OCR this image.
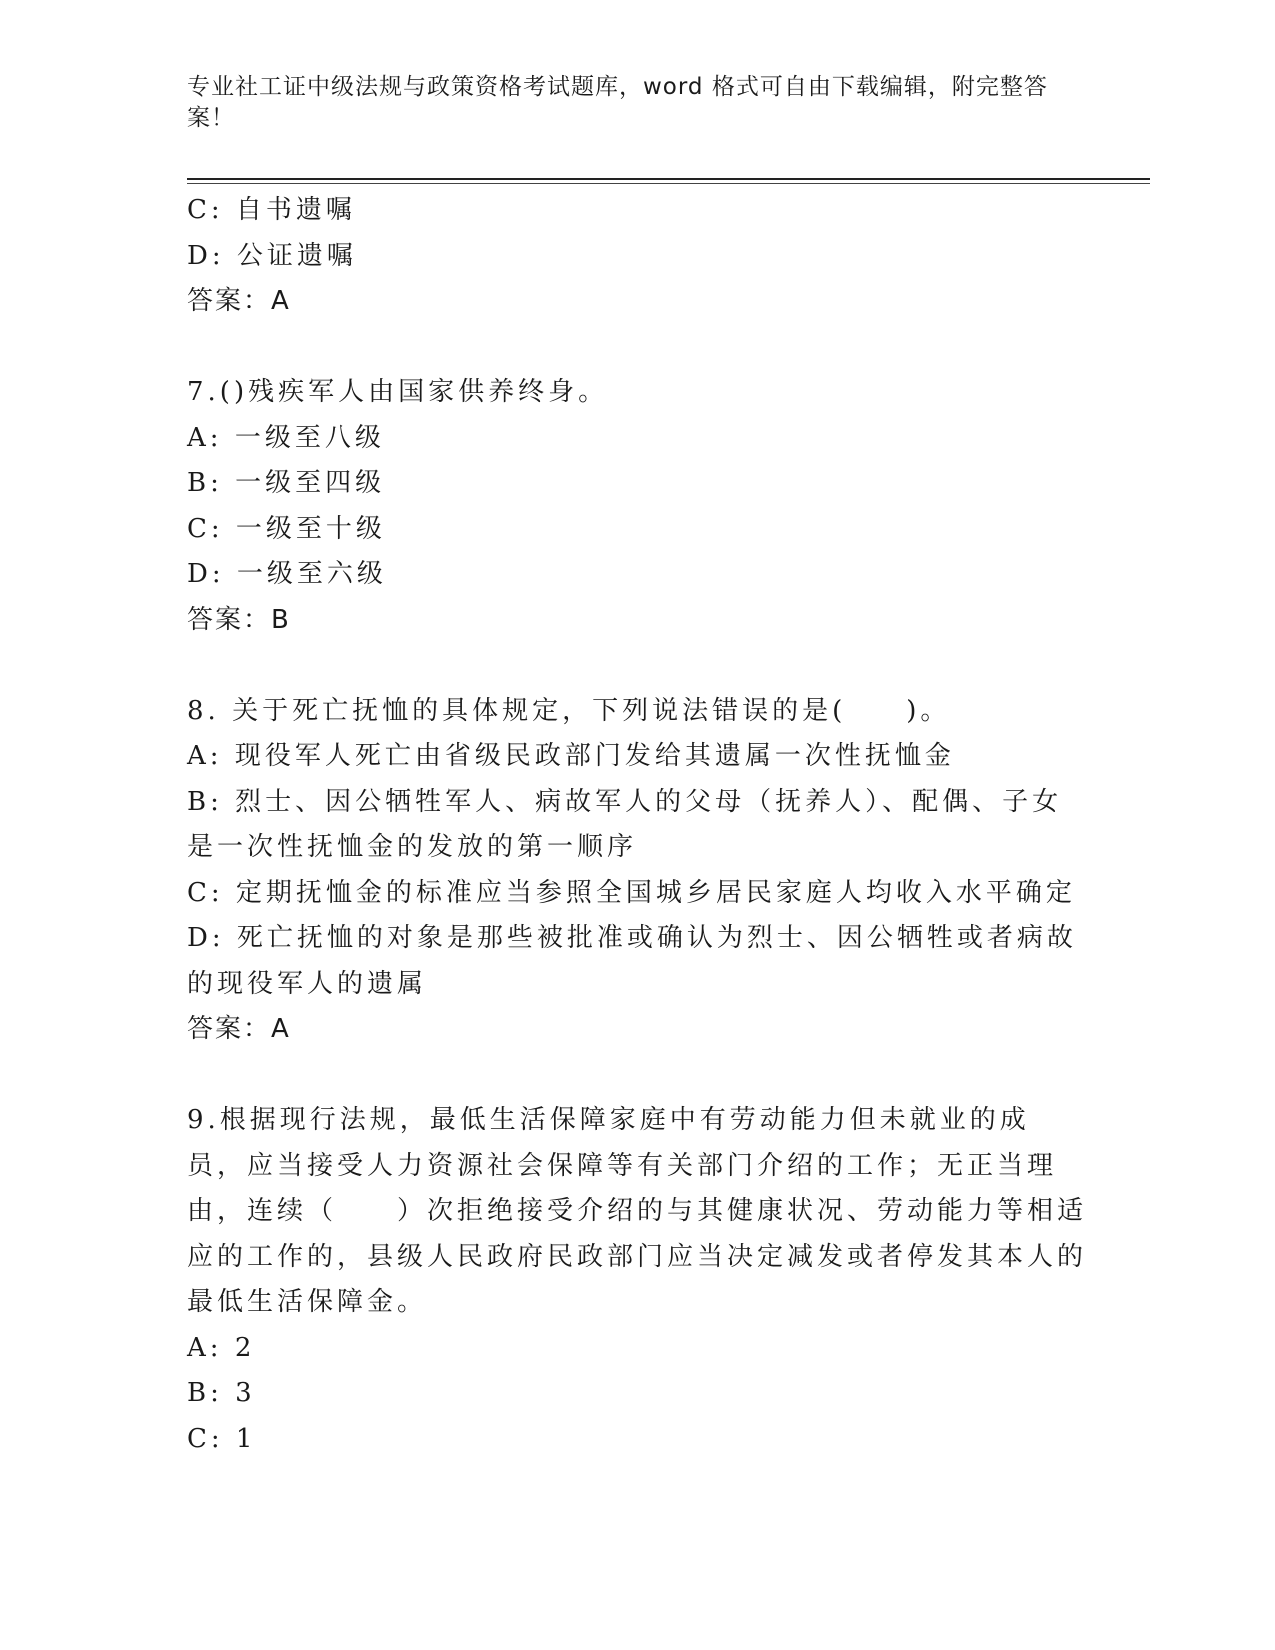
专业社工证中级法规与政策资格考试题库，word 格式可自由下载编辑，附完整答案！
C: 自书遗嘱
D: 公证遗嘱
答案：A
7.()残疾军人由国家供养终身。
A: 一级至八级
B: 一级至四级
C: 一级至十级
D: 一级至六级
答案：B
8. 关于死亡抚恤的具体规定，下列说法错误的是(　　)。
A: 现役军人死亡由省级民政部门发给其遗属一次性抚恤金
B: 烈士、因公牺牲军人、病故军人的父母（抚养人）、配偶、子女是一次性抚恤金的发放的第一顺序
C: 定期抚恤金的标准应当参照全国城乡居民家庭人均收入水平确定
D: 死亡抚恤的对象是那些被批准或确认为烈士、因公牺牲或者病故的现役军人的遗属
答案：A
9.根据现行法规，最低生活保障家庭中有劳动能力但未就业的成员，应当接受人力资源社会保障等有关部门介绍的工作；无正当理由，连续（　　）次拒绝接受介绍的与其健康状况、劳动能力等相适应的工作的，县级人民政府民政部门应当决定减发或者停发其本人的最低生活保障金。
A: 2
B: 3
C: 1
